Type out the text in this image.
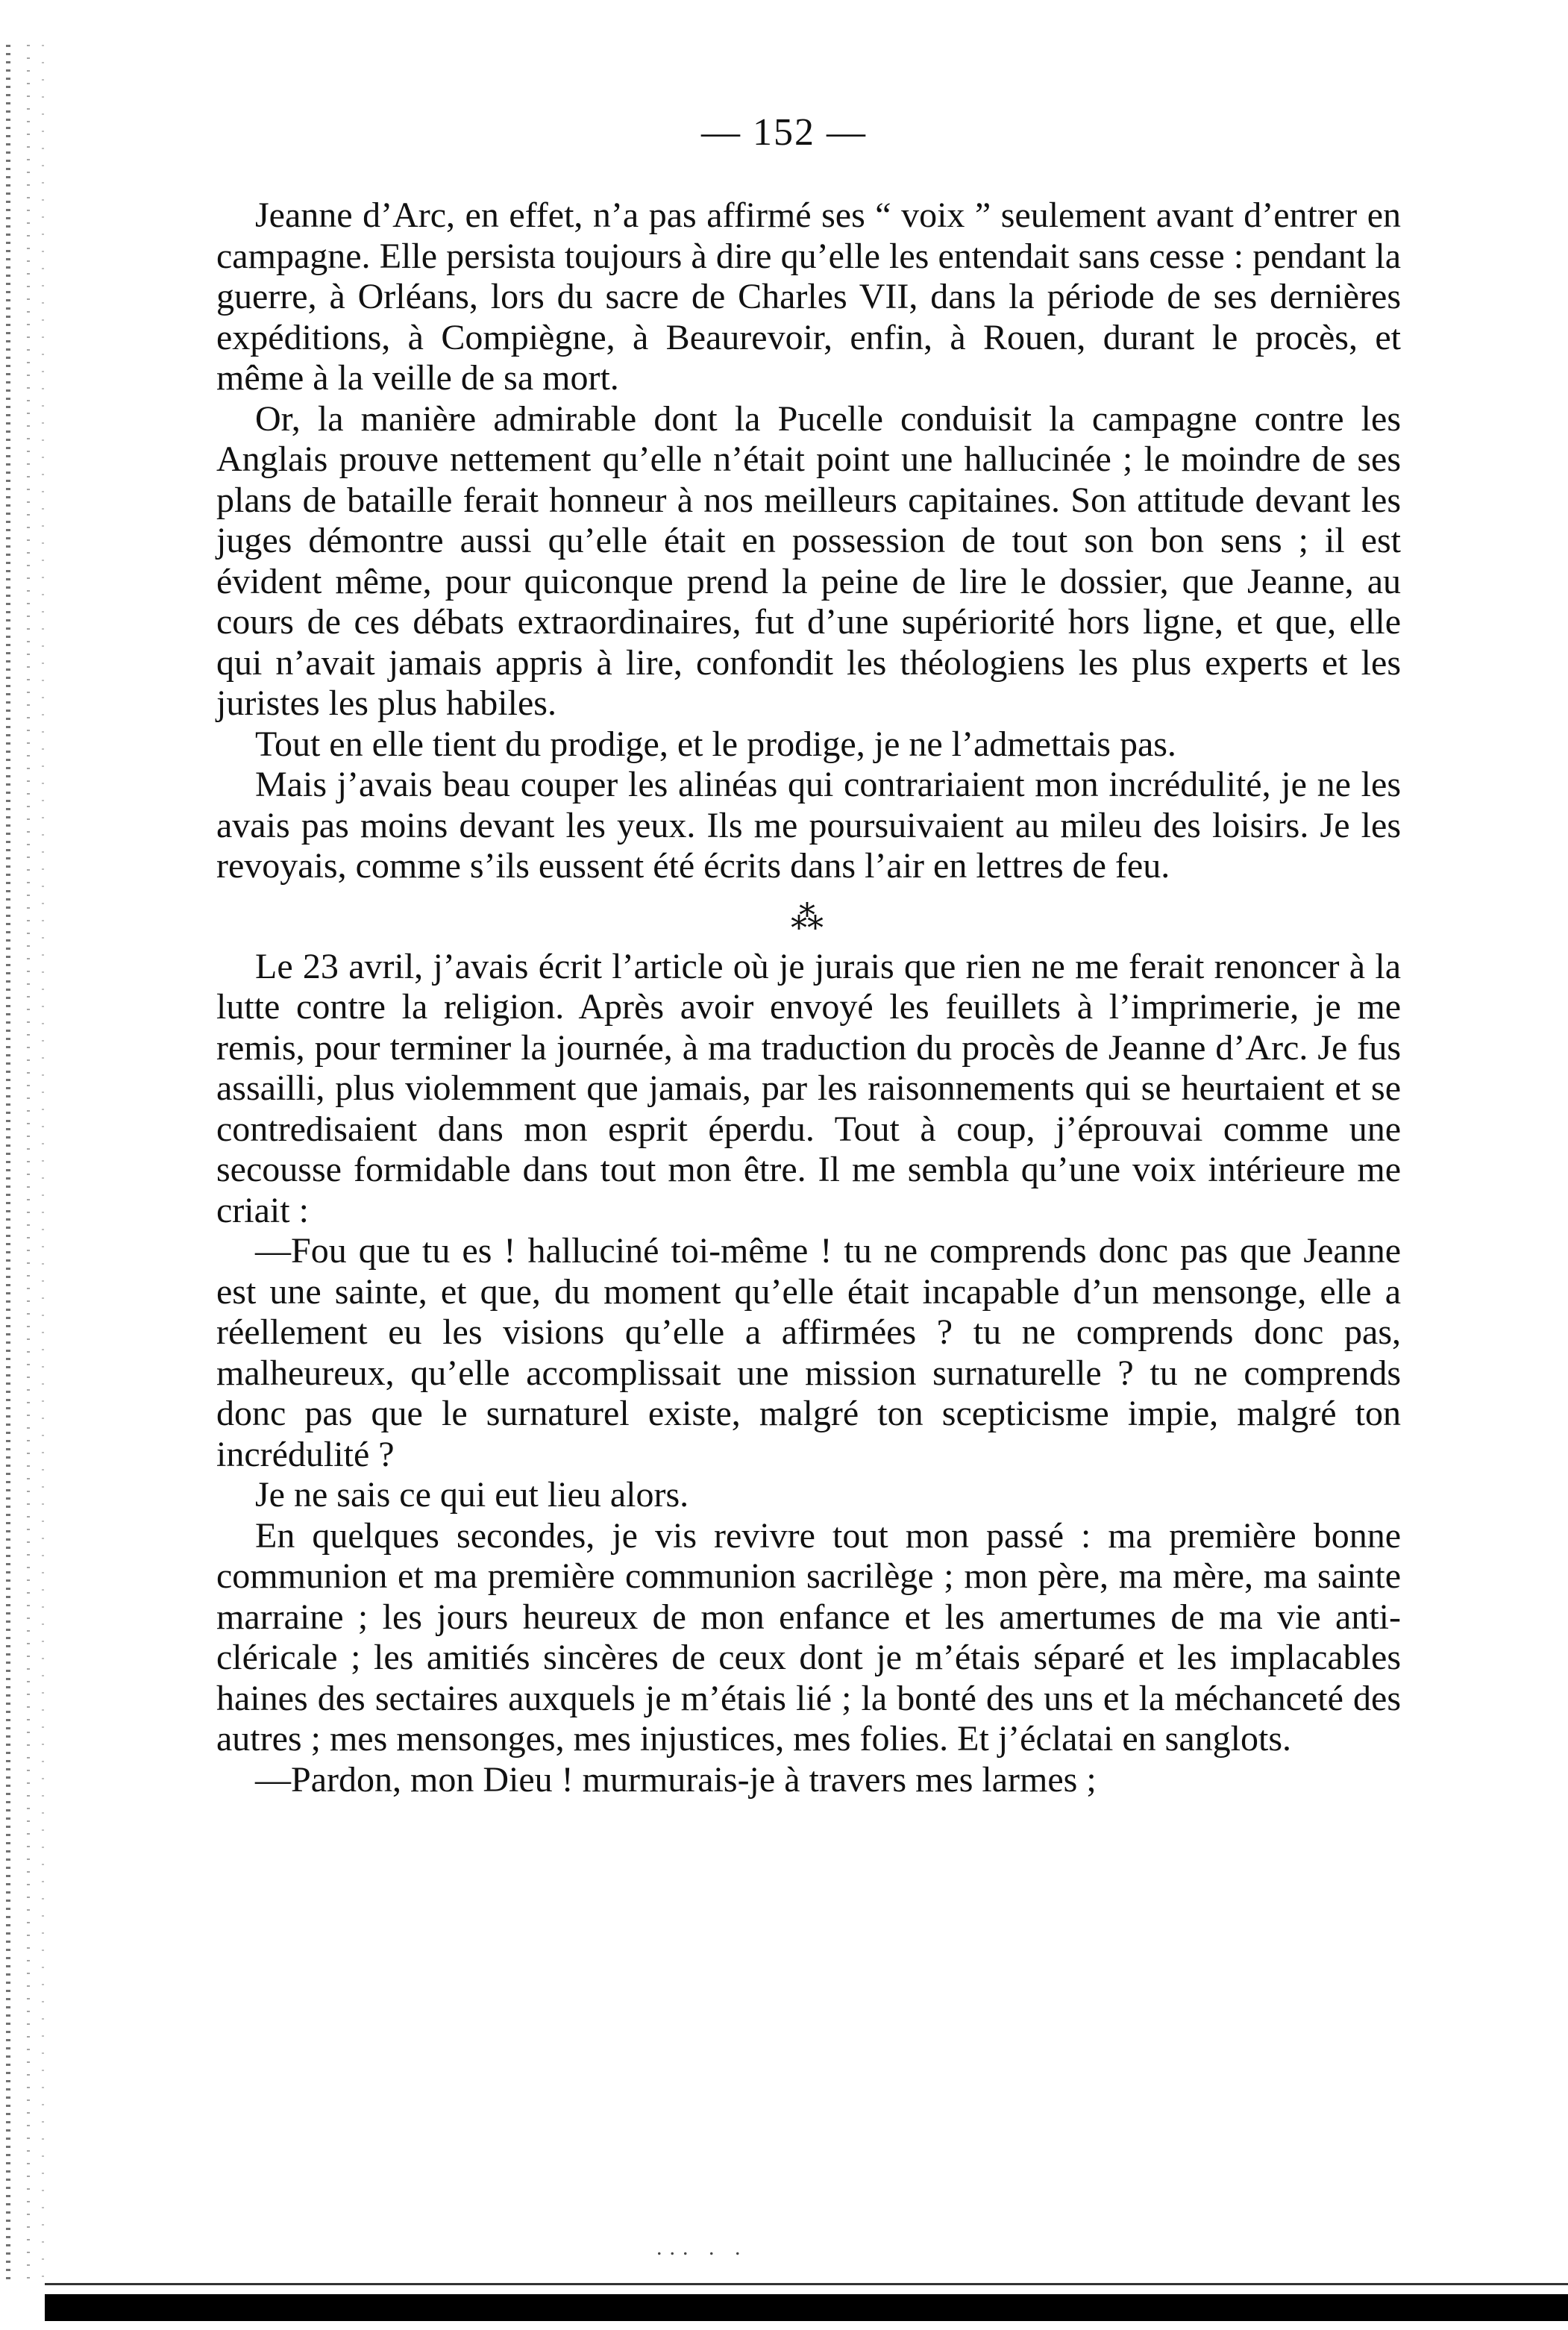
— 152 —

Jeanne d’Arc, en effet, n’a pas affirmé ses “ voix ” seulement avant d’entrer en campagne. Elle persista toujours à dire qu’elle les entendait sans cesse : pendant la guerre, à Orléans, lors du sacre de Charles VII, dans la période de ses dernières expéditions, à Compiègne, à Beaurevoir, enfin, à Rouen, durant le procès, et même à la veille de sa mort.

Or, la manière admirable dont la Pucelle conduisit la campagne contre les Anglais prouve nettement qu’elle n’était point une hallucinée ; le moindre de ses plans de bataille ferait honneur à nos meilleurs capitaines. Son attitude devant les juges démontre aussi qu’elle était en possession de tout son bon sens ; il est évident même, pour quiconque prend la peine de lire le dossier, que Jeanne, au cours de ces débats extraordinaires, fut d’une supériorité hors ligne, et que, elle qui n’avait jamais appris à lire, confondit les théologiens les plus experts et les juristes les plus habiles.

Tout en elle tient du prodige, et le prodige, je ne l’admettais pas.

Mais j’avais beau couper les alinéas qui contrariaient mon incrédulité, je ne les avais pas moins devant les yeux. Ils me poursuivaient au mileu des loisirs. Je les revoyais, comme s’ils eussent été écrits dans l’air en lettres de feu.

⁂

Le 23 avril, j’avais écrit l’article où je jurais que rien ne me ferait renoncer à la lutte contre la religion. Après avoir envoyé les feuillets à l’imprimerie, je me remis, pour terminer la journée, à ma traduction du procès de Jeanne d’Arc. Je fus assailli, plus violemment que jamais, par les raisonnements qui se heurtaient et se contredisaient dans mon esprit éperdu. Tout à coup, j’éprouvai comme une secousse formidable dans tout mon être. Il me sembla qu’une voix intérieure me criait :

—Fou que tu es ! halluciné toi-même ! tu ne comprends donc pas que Jeanne est une sainte, et que, du moment qu’elle était incapable d’un mensonge, elle a réellement eu les visions qu’elle a affirmées ? tu ne comprends donc pas, malheureux, qu’elle accomplissait une mission surnaturelle ? tu ne comprends donc pas que le surnaturel existe, malgré ton scepticisme impie, malgré ton incrédulité ?

Je ne sais ce qui eut lieu alors.

En quelques secondes, je vis revivre tout mon passé : ma première bonne communion et ma première communion sacrilège ; mon père, ma mère, ma sainte marraine ; les jours heureux de mon enfance et les amertumes de ma vie anti-cléricale ; les amitiés sincères de ceux dont je m’étais séparé et les implacables haines des sectaires auxquels je m’étais lié ; la bonté des uns et la méchanceté des autres ; mes mensonges, mes injustices, mes folies. Et j’éclatai en sanglots.

—Pardon, mon Dieu ! murmurais-je à travers mes larmes ;

... . .
